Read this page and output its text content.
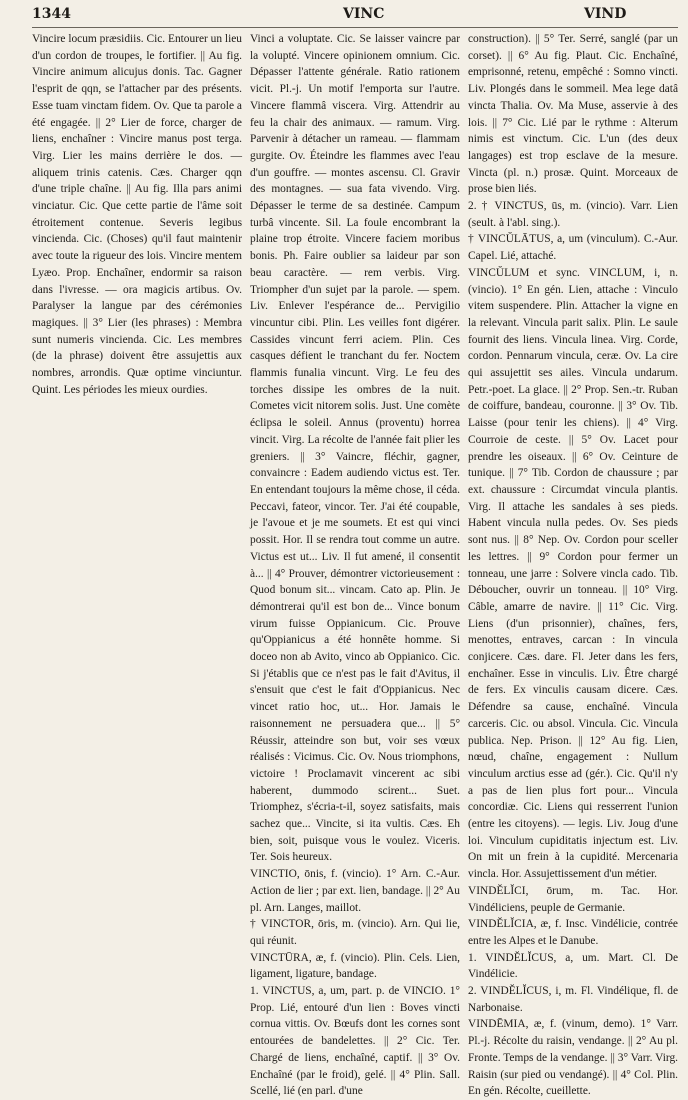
1344	VINC	VIND

Vincire locum præsidiis. Cic. Entourer un lieu d'un cordon de troupes, le fortifier. || Au fig. Vincire animum alicujus donis. Tac. Gagner l'esprit de qqn, se l'attacher par des présents. Esse tuam vinctam fidem. Ov. Que ta parole a été engagée. || 2° Lier de force, charger de liens, enchaîner : Vincire manus post terga. Virg. Lier les mains derrière le dos. — aliquem trinis catenis. Cæs. Charger qqn d'une triple chaîne. || Au fig. Illa pars animi vinciatur. Cic. Que cette partie de l'âme soit étroitement contenue. Severis legibus vincienda. Cic. (Choses) qu'il faut maintenir avec toute la rigueur des lois. Vincire mentem Lyæo. Prop. Enchaîner, endormir sa raison dans l'ivresse. — ora magicis artibus. Ov. Paralyser la langue par des cérémonies magiques. || 3° Lier (les phrases) : Membra sunt numeris vincienda. Cic. Les membres (de la phrase) doivent être assujettis aux nombres, arrondis. Quæ optime vinciuntur. Quint. Les périodes les mieux ourdies.

Vinci a voluptate. Cic. Se laisser vaincre par la volupté. Vincere opinionem omnium. Cic. Dépasser l'attente générale. Ratio rationem vicit. Pl.-j. Un motif l'emporta sur l'autre. Vincere flammâ viscera. Virg. Attendrir au feu la chair des animaux. — ramum. Virg. Parvenir à détacher un rameau. — flammam gurgite. Ov. Éteindre les flammes avec l'eau d'un gouffre. — montes ascensu. Cl. Gravir des montagnes. — sua fata vivendo. Virg. Dépasser le terme de sa destinée. Campum turbâ vincente. Sil. La foule encombrant la plaine trop étroite. Vincere faciem moribus bonis. Ph. Faire oublier sa laideur par son beau caractère. — rem verbis. Virg. Triompher d'un sujet par la parole. — spem. Liv. Enlever l'espérance de... Pervigilio vincuntur cibi. Plin. Les veilles font digérer. Cassides vincunt ferri aciem. Plin. Ces casques défient le tranchant du fer. Noctem flammis funalia vincunt. Virg. Le feu des torches dissipe les ombres de la nuit. Cometes vicit nitorem solis. Just. Une comète éclipsa le soleil. Annus (proventu) horrea vincit. Virg. La récolte de l'année fait plier les greniers. || 3° Vaincre, fléchir, gagner, convaincre : Eadem audiendo victus est. Ter. En entendant toujours la même chose, il céda. Peccavi, fateor, vincor. Ter. J'ai été coupable, je l'avoue et je me soumets. Et est qui vinci possit. Hor. Il se rendra tout comme un autre. Victus est ut... Liv. Il fut amené, il consentit à... || 4° Prouver, démontrer victorieusement : Quod bonum sit... vincam. Cato ap. Plin. Je démontrerai qu'il est bon de... Vince bonum virum fuisse Oppianicum. Cic. Prouve qu'Oppianicus a été honnête homme. Si doceo non ab Avito, vinco ab Oppianico. Cic. Si j'établis que ce n'est pas le fait d'Avitus, il s'ensuit que c'est le fait d'Oppianicus. Nec vincet ratio hoc, ut... Hor. Jamais le raisonnement ne persuadera que... || 5° Réussir, atteindre son but, voir ses vœux réalisés : Vicimus. Cic. Ov. Nous triomphons, victoire ! Proclamavit vincerent ac sibi haberent, dummodo scirent... Suet. Triomphez, s'écria-t-il, soyez satisfaits, mais sachez que... Vincite, si ita vultis. Cæs. Eh bien, soit, puisque vous le voulez. Viceris. Ter. Sois heureux.

VINCTIO, ōnis, f. (vincio). 1° Arn. C.-Aur. Action de lier ; par ext. lien, bandage. || 2° Au pl. Arn. Langes, maillot.

† VINCTOR, ōris, m. (vincio). Arn. Qui lie, qui réunit.

VINCTŪRA, æ, f. (vincio). Plin. Cels. Lien, ligament, ligature, bandage.

1. VINCTUS, a, um, part. p. de VINCIO. 1° Prop. Lié, entouré d'un lien : Boves vincti cornua vittis. Ov. Bœufs dont les cornes sont entourées de bandelettes. || 2° Cic. Ter. Chargé de liens, enchaîné, captif. || 3° Ov. Enchaîné (par le froid), gelé. || 4° Plin. Sall. Scellé, lié (en parl. d'une

construction). || 5° Ter. Serré, sanglé (par un corset). || 6° Au fig. Plaut. Cic. Enchaîné, emprisonné, retenu, empêché : Somno vincti. Liv. Plongés dans le sommeil. Mea lege datâ vincta Thalia. Ov. Ma Muse, asservie à des lois. || 7° Cic. Lié par le rythme : Alterum nimis est vinctum. Cic. L'un (des deux langages) est trop esclave de la mesure. Vincta (pl. n.) prosæ. Quint. Morceaux de prose bien liés.

2. † VINCTUS, ūs, m. (vincio). Varr. Lien (seult. à l'abl. sing.).

† VINCŬLĀTUS, a, um (vinculum). C.-Aur. Capel. Lié, attaché.

VINCŬLUM et sync. VINCLUM, i, n. (vincio). 1° En gén. Lien, attache : Vinculo vitem suspendere. Plin. Attacher la vigne en la relevant. Vincula parit salix. Plin. Le saule fournit des liens. Vincula linea. Virg. Corde, cordon. Pennarum vincula, ceræ. Ov. La cire qui assujettit ses ailes. Vincula undarum. Petr.-poet. La glace. || 2° Prop. Sen.-tr. Ruban de coiffure, bandeau, couronne. || 3° Ov. Tib. Laisse (pour tenir les chiens). || 4° Virg. Courroie de ceste. || 5° Ov. Lacet pour prendre les oiseaux. || 6° Ov. Ceinture de tunique. || 7° Tib. Cordon de chaussure ; par ext. chaussure : Circumdat vincula plantis. Virg. Il attache les sandales à ses pieds. Habent vincula nulla pedes. Ov. Ses pieds sont nus. || 8° Nep. Ov. Cordon pour sceller les lettres. || 9° Cordon pour fermer un tonneau, une jarre : Solvere vincla cado. Tib. Déboucher, ouvrir un tonneau. || 10° Virg. Câble, amarre de navire. || 11° Cic. Virg. Liens (d'un prisonnier), chaînes, fers, menottes, entraves, carcan : In vincula conjicere. Cæs. dare. Fl. Jeter dans les fers, enchaîner. Esse in vinculis. Liv. Être chargé de fers. Ex vinculis causam dicere. Cæs. Défendre sa cause, enchaîné. Vincula carceris. Cic. ou absol. Vincula. Cic. Vincula publica. Nep. Prison. || 12° Au fig. Lien, nœud, chaîne, engagement : Nullum vinculum arctius esse ad (gér.). Cic. Qu'il n'y a pas de lien plus fort pour... Vincula concordiæ. Cic. Liens qui resserrent l'union (entre les citoyens). — legis. Liv. Joug d'une loi. Vinculum cupiditatis injectum est. Liv. On mit un frein à la cupidité. Mercenaria vincla. Hor. Assujettissement d'un métier.

VINDĔLĬCI, ōrum, m. Tac. Hor. Vindéliciens, peuple de Germanie.

VINDĔLĬCIA, æ, f. Insc. Vindélicie, contrée entre les Alpes et le Danube.

1. VINDĔLĬCUS, a, um. Mart. Cl. De Vindélicie.

2. VINDĔLĬCUS, i, m. Fl. Vindélique, fl. de Narbonaise.

VINDĒMIA, æ, f. (vinum, demo). 1° Varr. Pl.-j. Récolte du raisin, vendange. || 2° Au pl. Fronte. Temps de la vendange. || 3° Varr. Virg. Raisin (sur pied ou vendangé). || 4° Col. Plin. En gén. Récolte, cueillette.
